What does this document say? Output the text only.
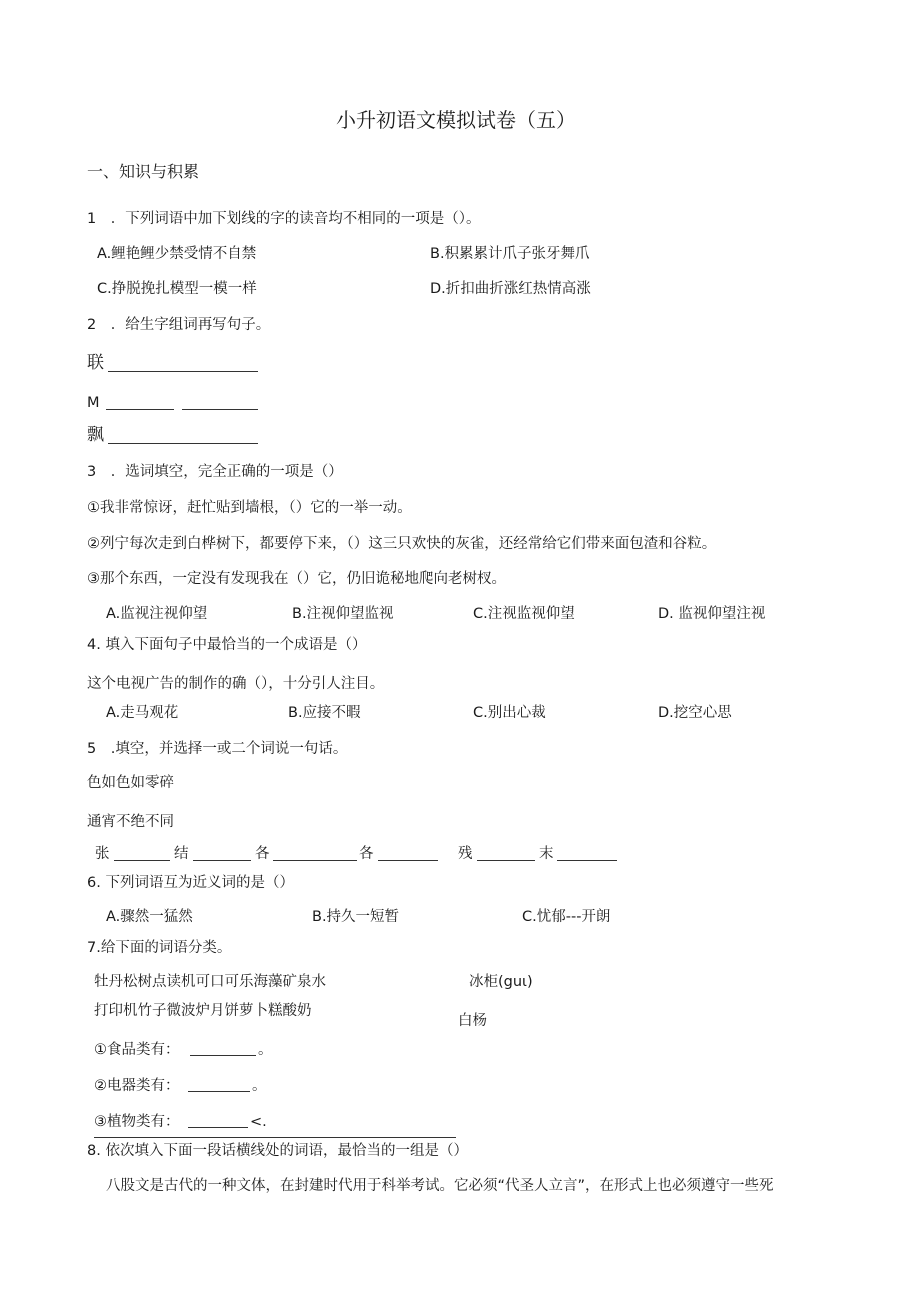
小升初语文模拟试卷（五）
一、知识与积累
1　．下列词语中加下划线的字的读音均不相同的一项是（）。
A.鲤艳鲤少禁受情不自禁	B.积累累计爪子张牙舞爪
C.挣脱挽扎模型一模一样	D.折扣曲折涨红热情高涨
2　．给生字组词再写句子。
联
M
飘
3　．选词填空，完全正确的一项是（）
①我非常惊讶，赶忙贴到墙根，（）它的一举一动。
②列宁每次走到白桦树下，都要停下来，（）这三只欢快的灰雀，还经常给它们带来面包渣和谷粒。
③那个东西，一定没有发现我在（）它，仍旧诡秘地爬向老树杈。
A.监视注视仰望	B.注视仰望监视	C.注视监视仰望	D. 监视仰望注视
4. 填入下面句子中最恰当的一个成语是（）
这个电视广告的制作的确（），十分引人注目。
A.走马观花	B.应接不暇	C.别出心裁	D.挖空心思
5　.填空，并选择一或二个词说一句话。
色如色如零碎
通宵不绝不同
张	结	各	各	残	末
6. 下列词语互为近义词的是（）
A.骤然一猛然	B.持久一短暂	C.忧郁---开朗
7.给下面的词语分类。
牡丹松树点读机可口可乐海藻矿泉水	冰柜(guι)
打印机竹子微波炉月饼萝卜糕酸奶
白杨
①食品类有：	。
②电器类有：	。
③植物类有：	<.
8. 依次填入下面一段话横线处的词语，最恰当的一组是（）
八股文是古代的一种文体，在封建时代用于科举考试。它必须“代圣人立言”，在形式上也必须遵守一些死
